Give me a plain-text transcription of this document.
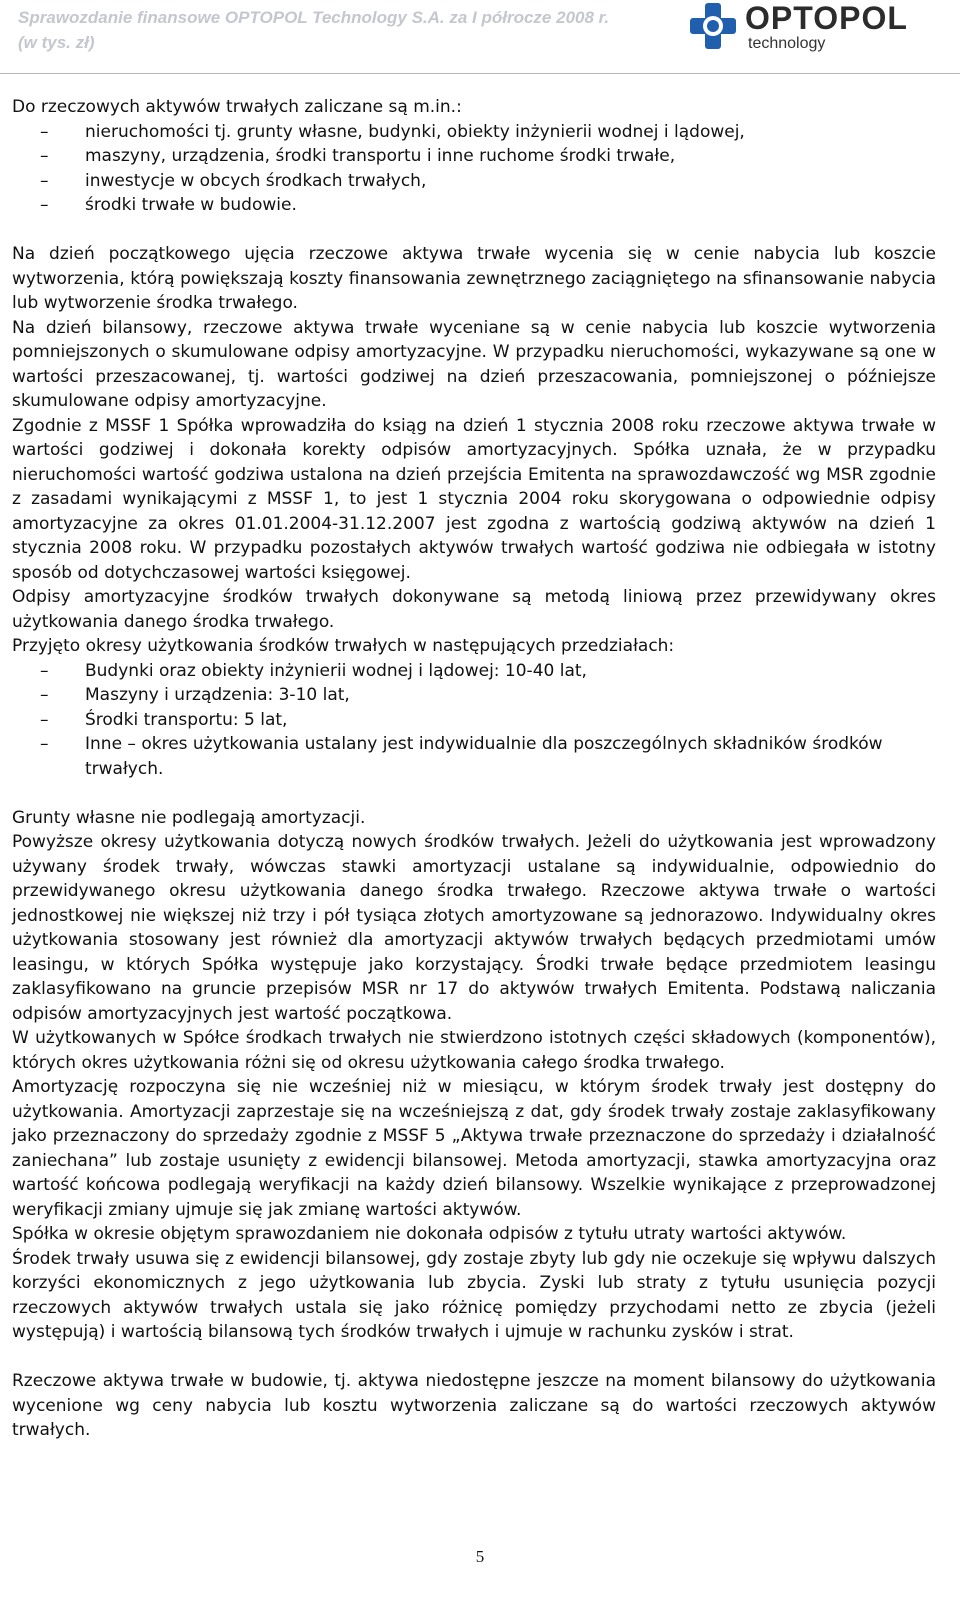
Sprawozdanie finansowe OPTOPOL Technology S.A. za I półrocze 2008 r.
(w tys. zł)
OPTOPOL
technology

Do rzeczowych aktywów trwałych zaliczane są m.in.:

– nieruchomości tj. grunty własne, budynki, obiekty inżynierii wodnej i lądowej,
– maszyny, urządzenia, środki transportu i inne ruchome środki trwałe,
– inwestycje w obcych środkach trwałych,
– środki trwałe w budowie.

Na dzień początkowego ujęcia rzeczowe aktywa trwałe wycenia się w cenie nabycia lub koszcie wytworzenia, którą powiększają koszty finansowania zewnętrznego zaciągniętego na sfinansowanie nabycia lub wytworzenie środka trwałego.

Na dzień bilansowy, rzeczowe aktywa trwałe wyceniane są w cenie nabycia lub koszcie wytworzenia pomniejszonych o skumulowane odpisy amortyzacyjne. W przypadku nieruchomości, wykazywane są one w wartości przeszacowanej, tj. wartości godziwej na dzień przeszacowania, pomniejszonej o późniejsze skumulowane odpisy amortyzacyjne.

Zgodnie z MSSF 1 Spółka wprowadziła do ksiąg na dzień 1 stycznia 2008 roku rzeczowe aktywa trwałe w wartości godziwej i dokonała korekty odpisów amortyzacyjnych. Spółka uznała, że w przypadku nieruchomości wartość godziwa ustalona na dzień przejścia Emitenta na sprawozdawczość wg MSR zgodnie z zasadami wynikającymi z MSSF 1, to jest 1 stycznia 2004 roku skorygowana o odpowiednie odpisy amortyzacyjne za okres 01.01.2004-31.12.2007 jest zgodna z wartością godziwą aktywów na dzień 1 stycznia 2008 roku. W przypadku pozostałych aktywów trwałych wartość godziwa nie odbiegała w istotny sposób od dotychczasowej wartości księgowej.

Odpisy amortyzacyjne środków trwałych dokonywane są metodą liniową przez przewidywany okres użytkowania danego środka trwałego.

Przyjęto okresy użytkowania środków trwałych w następujących przedziałach:

– Budynki oraz obiekty inżynierii wodnej i lądowej: 10-40 lat,
– Maszyny i urządzenia: 3-10 lat,
– Środki transportu: 5 lat,
– Inne – okres użytkowania ustalany jest indywidualnie dla poszczególnych składników środków trwałych.

Grunty własne nie podlegają amortyzacji.

Powyższe okresy użytkowania dotyczą nowych środków trwałych. Jeżeli do użytkowania jest wprowadzony używany środek trwały, wówczas stawki amortyzacji ustalane są indywidualnie, odpowiednio do przewidywanego okresu użytkowania danego środka trwałego. Rzeczowe aktywa trwałe o wartości jednostkowej nie większej niż trzy i pół tysiąca złotych amortyzowane są jednorazowo. Indywidualny okres użytkowania stosowany jest również dla amortyzacji aktywów trwałych będących przedmiotami umów leasingu, w których Spółka występuje jako korzystający. Środki trwałe będące przedmiotem leasingu zaklasyfikowano na gruncie przepisów MSR nr 17 do aktywów trwałych Emitenta. Podstawą naliczania odpisów amortyzacyjnych jest wartość początkowa.

W użytkowanych w Spółce środkach trwałych nie stwierdzono istotnych części składowych (komponentów), których okres użytkowania różni się od okresu użytkowania całego środka trwałego.

Amortyzację rozpoczyna się nie wcześniej niż w miesiącu, w którym środek trwały jest dostępny do użytkowania. Amortyzacji zaprzestaje się na wcześniejszą z dat, gdy środek trwały zostaje zaklasyfikowany jako przeznaczony do sprzedaży zgodnie z MSSF 5 „Aktywa trwałe przeznaczone do sprzedaży i działalność zaniechana” lub zostaje usunięty z ewidencji bilansowej. Metoda amortyzacji, stawka amortyzacyjna oraz wartość końcowa podlegają weryfikacji na każdy dzień bilansowy. Wszelkie wynikające z przeprowadzonej weryfikacji zmiany ujmuje się jak zmianę wartości aktywów.

Spółka w okresie objętym sprawozdaniem nie dokonała odpisów z tytułu utraty wartości aktywów.

Środek trwały usuwa się z ewidencji bilansowej, gdy zostaje zbyty lub gdy nie oczekuje się wpływu dalszych korzyści ekonomicznych z jego użytkowania lub zbycia. Zyski lub straty z tytułu usunięcia pozycji rzeczowych aktywów trwałych ustala się jako różnicę pomiędzy przychodami netto ze zbycia (jeżeli występują) i wartością bilansową tych środków trwałych i ujmuje w rachunku zysków i strat.

Rzeczowe aktywa trwałe w budowie, tj. aktywa niedostępne jeszcze na moment bilansowy do użytkowania wycenione wg ceny nabycia lub kosztu wytworzenia zaliczane są do wartości rzeczowych aktywów trwałych.

5
